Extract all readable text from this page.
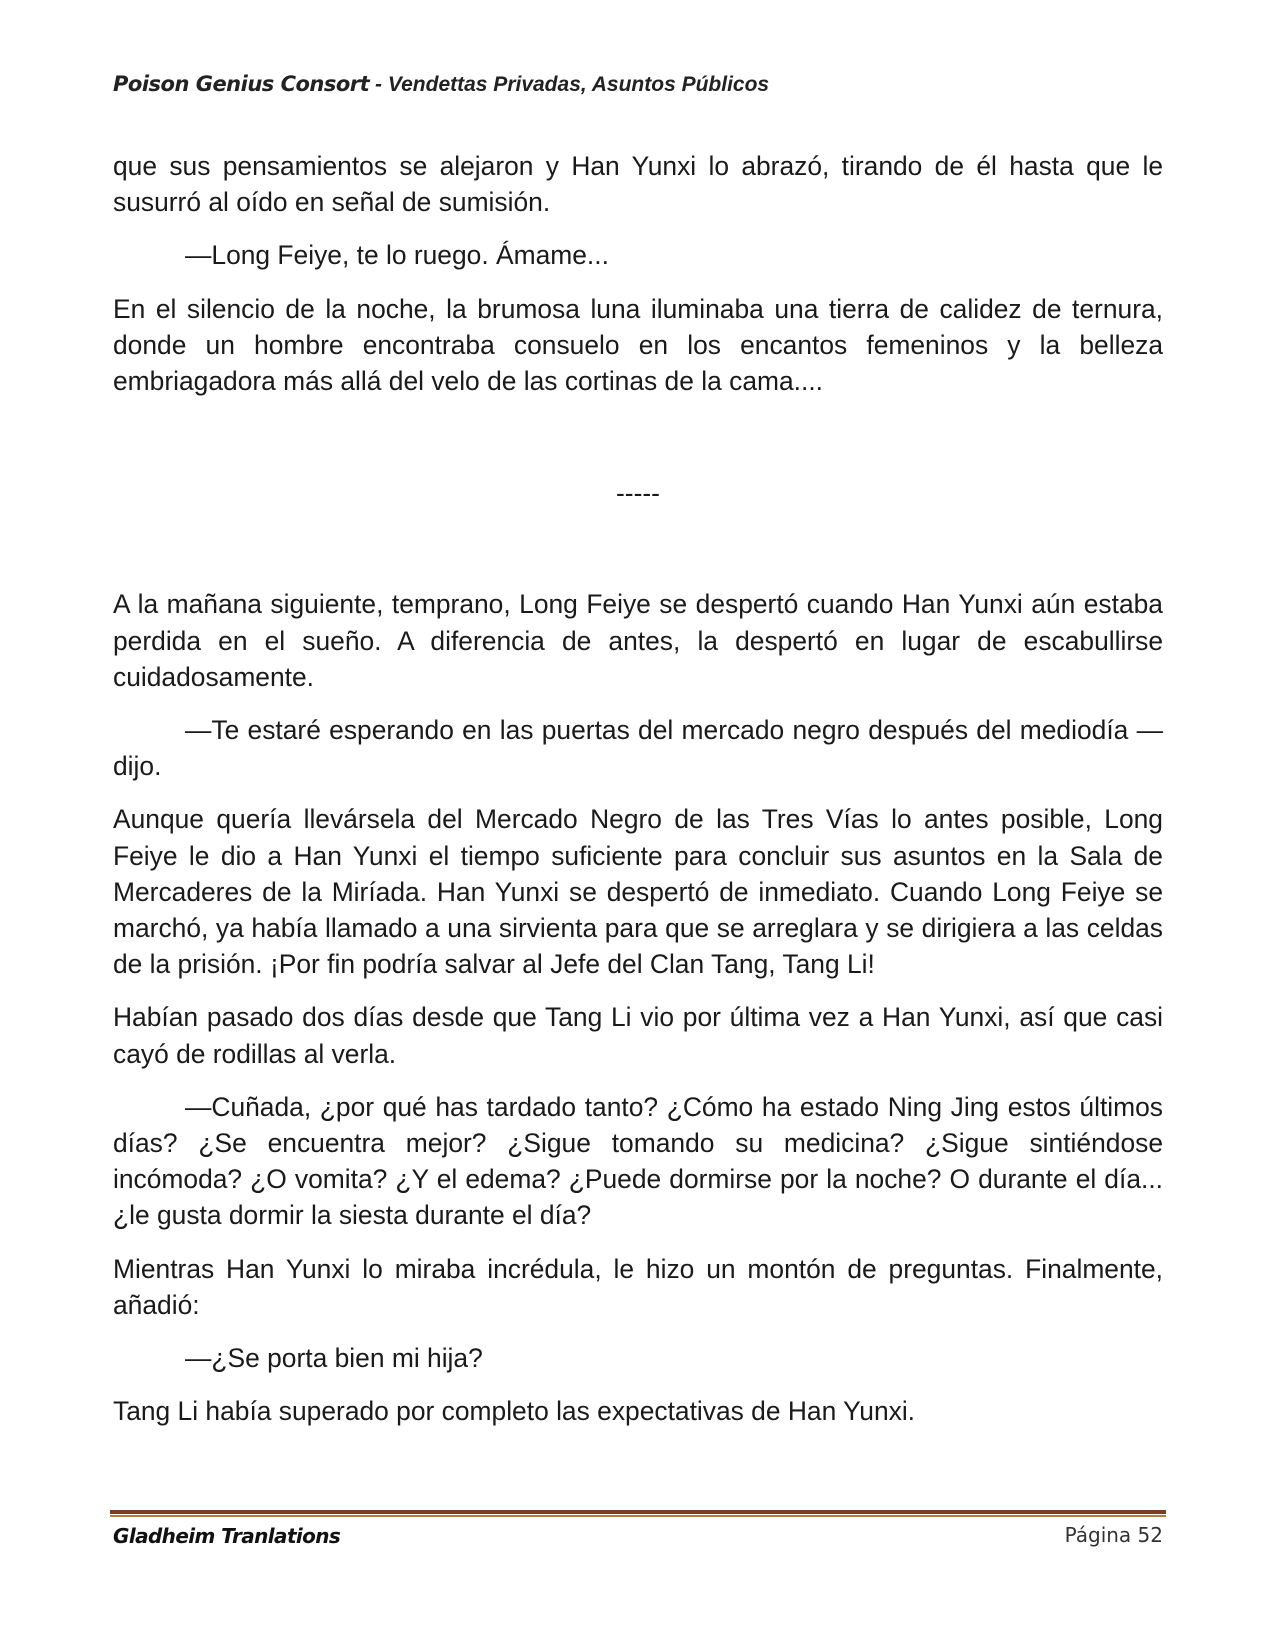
Poison Genius Consort - Vendettas Privadas, Asuntos Públicos

que sus pensamientos se alejaron y Han Yunxi lo abrazó, tirando de él hasta que le susurró al oído en señal de sumisión.

—Long Feiye, te lo ruego. Ámame...

En el silencio de la noche, la brumosa luna iluminaba una tierra de calidez de ternura, donde un hombre encontraba consuelo en los encantos femeninos y la belleza embriagadora más allá del velo de las cortinas de la cama....

-----

A la mañana siguiente, temprano, Long Feiye se despertó cuando Han Yunxi aún estaba perdida en el sueño. A diferencia de antes, la despertó en lugar de escabullirse cuidadosamente.

—Te estaré esperando en las puertas del mercado negro después del mediodía —dijo.

Aunque quería llevársela del Mercado Negro de las Tres Vías lo antes posible, Long Feiye le dio a Han Yunxi el tiempo suficiente para concluir sus asuntos en la Sala de Mercaderes de la Miríada. Han Yunxi se despertó de inmediato. Cuando Long Feiye se marchó, ya había llamado a una sirvienta para que se arreglara y se dirigiera a las celdas de la prisión. ¡Por fin podría salvar al Jefe del Clan Tang, Tang Li!

Habían pasado dos días desde que Tang Li vio por última vez a Han Yunxi, así que casi cayó de rodillas al verla.

—Cuñada, ¿por qué has tardado tanto? ¿Cómo ha estado Ning Jing estos últimos días? ¿Se encuentra mejor? ¿Sigue tomando su medicina? ¿Sigue sintiéndose incómoda? ¿O vomita? ¿Y el edema? ¿Puede dormirse por la noche? O durante el día... ¿le gusta dormir la siesta durante el día?

Mientras Han Yunxi lo miraba incrédula, le hizo un montón de preguntas. Finalmente, añadió:

—¿Se porta bien mi hija?

Tang Li había superado por completo las expectativas de Han Yunxi.

Gladheim Tranlations	Página 52
